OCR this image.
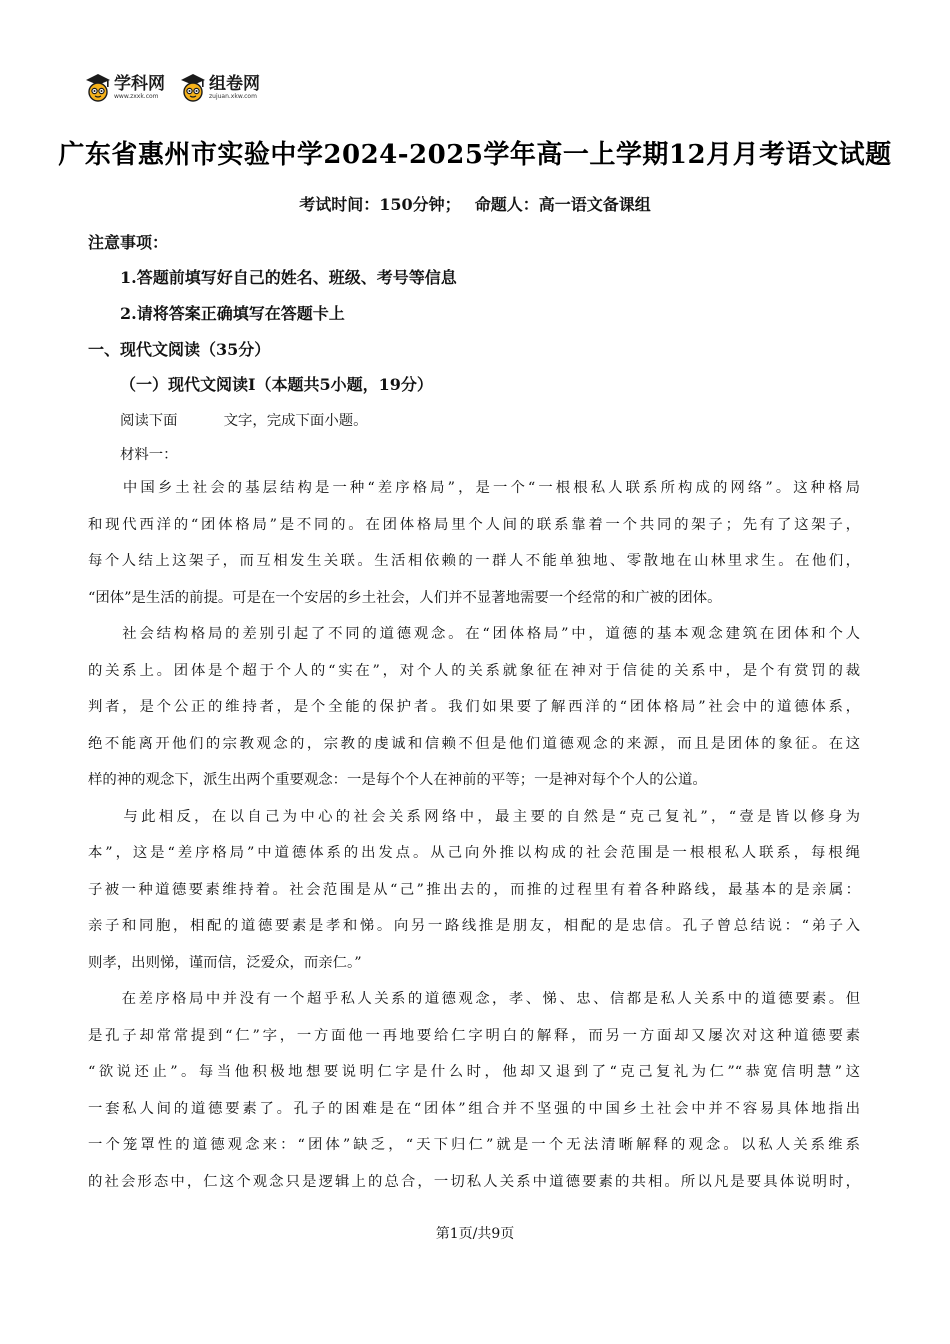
学科网
www.zxxk.com
组卷网
zujuan.xkw.com
广东省惠州市实验中学2024-2025学年高一上学期12月月考语文试题
考试时间：150分钟； 命题人：高一语文备课组
注意事项：
1.答题前填写好自己的姓名、班级、考号等信息
2.请将答案正确填写在答题卡上
一、现代文阅读（35分）
（一）现代文阅读Ⅰ（本题共5小题，19分）
阅读下面	文字，完成下面小题。
材料一：
　　中国乡土社会的基层结构是一种“差序格局”，是一个“一根根私人联系所构成的网络”。这种格局
和现代西洋的“团体格局”是不同的。在团体格局里个人间的联系靠着一个共同的架子；先有了这架子，
每个人结上这架子，而互相发生关联。生活相依赖的一群人不能单独地、零散地在山林里求生。在他们，
“团体”是生活的前提。可是在一个安居的乡土社会，人们并不显著地需要一个经常的和广被的团体。
　　社会结构格局的差别引起了不同的道德观念。在“团体格局”中，道德的基本观念建筑在团体和个人
的关系上。团体是个超于个人的“实在”，对个人的关系就象征在神对于信徒的关系中，是个有赏罚的裁
判者，是个公正的维持者，是个全能的保护者。我们如果要了解西洋的“团体格局”社会中的道德体系，
绝不能离开他们的宗教观念的，宗教的虔诚和信赖不但是他们道德观念的来源，而且是团体的象征。在这
样的神的观念下，派生出两个重要观念：一是每个个人在神前的平等；一是神对每个个人的公道。
　　与此相反，在以自己为中心的社会关系网络中，最主要的自然是“克己复礼”，“壹是皆以修身为
本”，这是“差序格局”中道德体系的出发点。从己向外推以构成的社会范围是一根根私人联系，每根绳
子被一种道德要素维持着。社会范围是从“己”推出去的，而推的过程里有着各种路线，最基本的是亲属：
亲子和同胞，相配的道德要素是孝和悌。向另一路线推是朋友，相配的是忠信。孔子曾总结说：“弟子入
则孝，出则悌，谨而信，泛爱众，而亲仁。”
　　在差序格局中并没有一个超乎私人关系的道德观念，孝、悌、忠、信都是私人关系中的道德要素。但
是孔子却常常提到“仁”字，一方面他一再地要给仁字明白的解释，而另一方面却又屡次对这种道德要素
“欲说还止”。每当他积极地想要说明仁字是什么时，他却又退到了“克己复礼为仁”“恭宽信明慧”这
一套私人间的道德要素了。孔子的困难是在“团体”组合并不坚强的中国乡土社会中并不容易具体地指出
一个笼罩性的道德观念来：“团体”缺乏，“天下归仁”就是一个无法清晰解释的观念。以私人关系维系
的社会形态中，仁这个观念只是逻辑上的总合，一切私人关系中道德要素的共相。所以凡是要具体说明时，
第1页/共9页
